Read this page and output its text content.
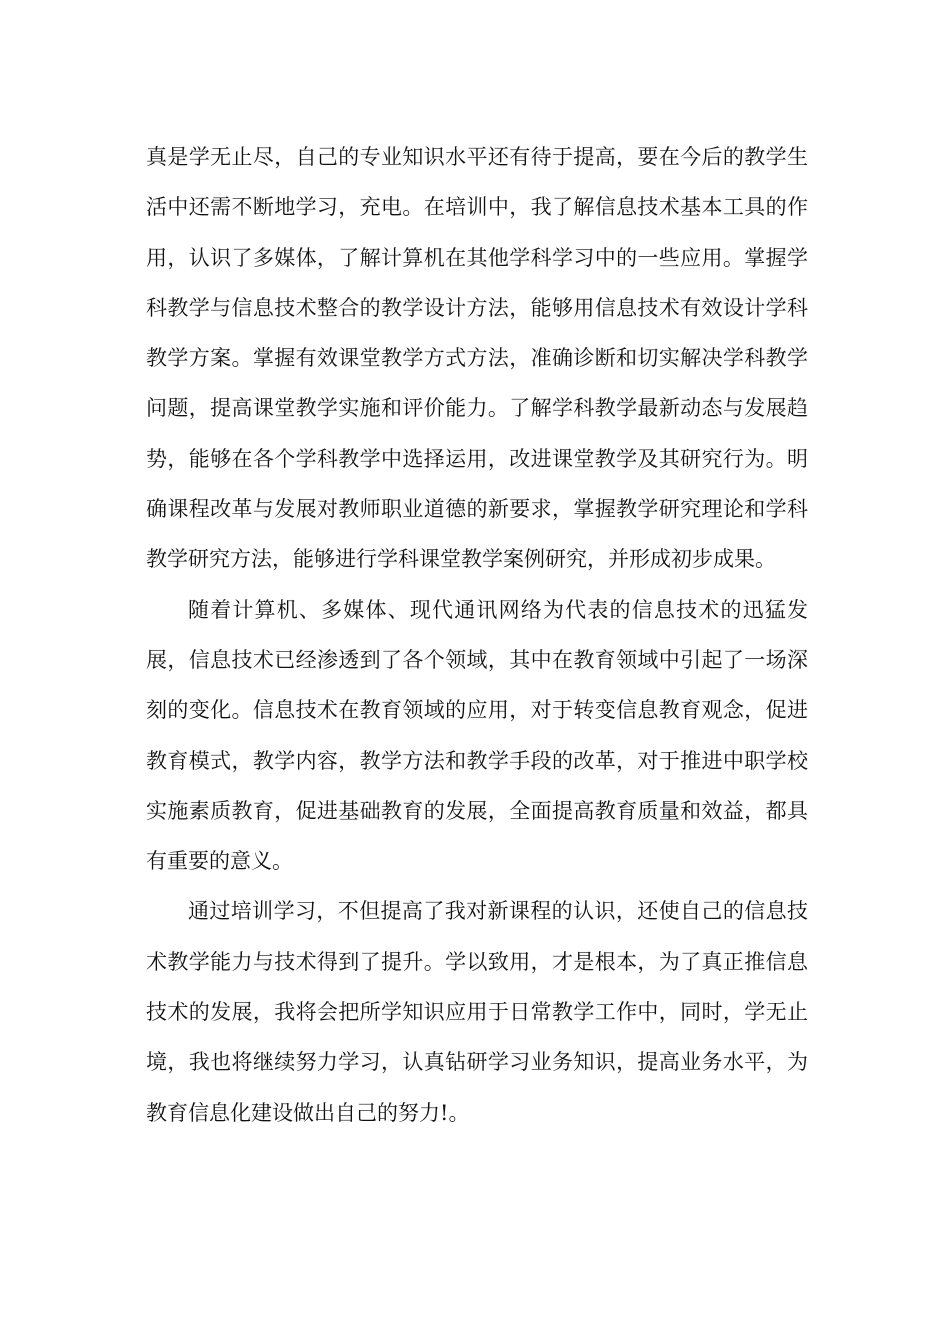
真是学无止尽，自己的专业知识水平还有待于提高，要在今后的教学生活中还需不断地学习，充电。在培训中，我了解信息技术基本工具的作用，认识了多媒体，了解计算机在其他学科学习中的一些应用。掌握学科教学与信息技术整合的教学设计方法，能够用信息技术有效设计学科教学方案。掌握有效课堂教学方式方法，准确诊断和切实解决学科教学问题，提高课堂教学实施和评价能力。了解学科教学最新动态与发展趋势，能够在各个学科教学中选择运用，改进课堂教学及其研究行为。明确课程改革与发展对教师职业道德的新要求，掌握教学研究理论和学科教学研究方法，能够进行学科课堂教学案例研究，并形成初步成果。

随着计算机、多媒体、现代通讯网络为代表的信息技术的迅猛发展，信息技术已经渗透到了各个领域，其中在教育领域中引起了一场深刻的变化。信息技术在教育领域的应用，对于转变信息教育观念，促进教育模式，教学内容，教学方法和教学手段的改革，对于推进中职学校实施素质教育，促进基础教育的发展，全面提高教育质量和效益，都具有重要的意义。

通过培训学习，不但提高了我对新课程的认识，还使自己的信息技术教学能力与技术得到了提升。学以致用，才是根本，为了真正推信息技术的发展，我将会把所学知识应用于日常教学工作中，同时，学无止境，我也将继续努力学习，认真钻研学习业务知识，提高业务水平，为教育信息化建设做出自己的努力!。
